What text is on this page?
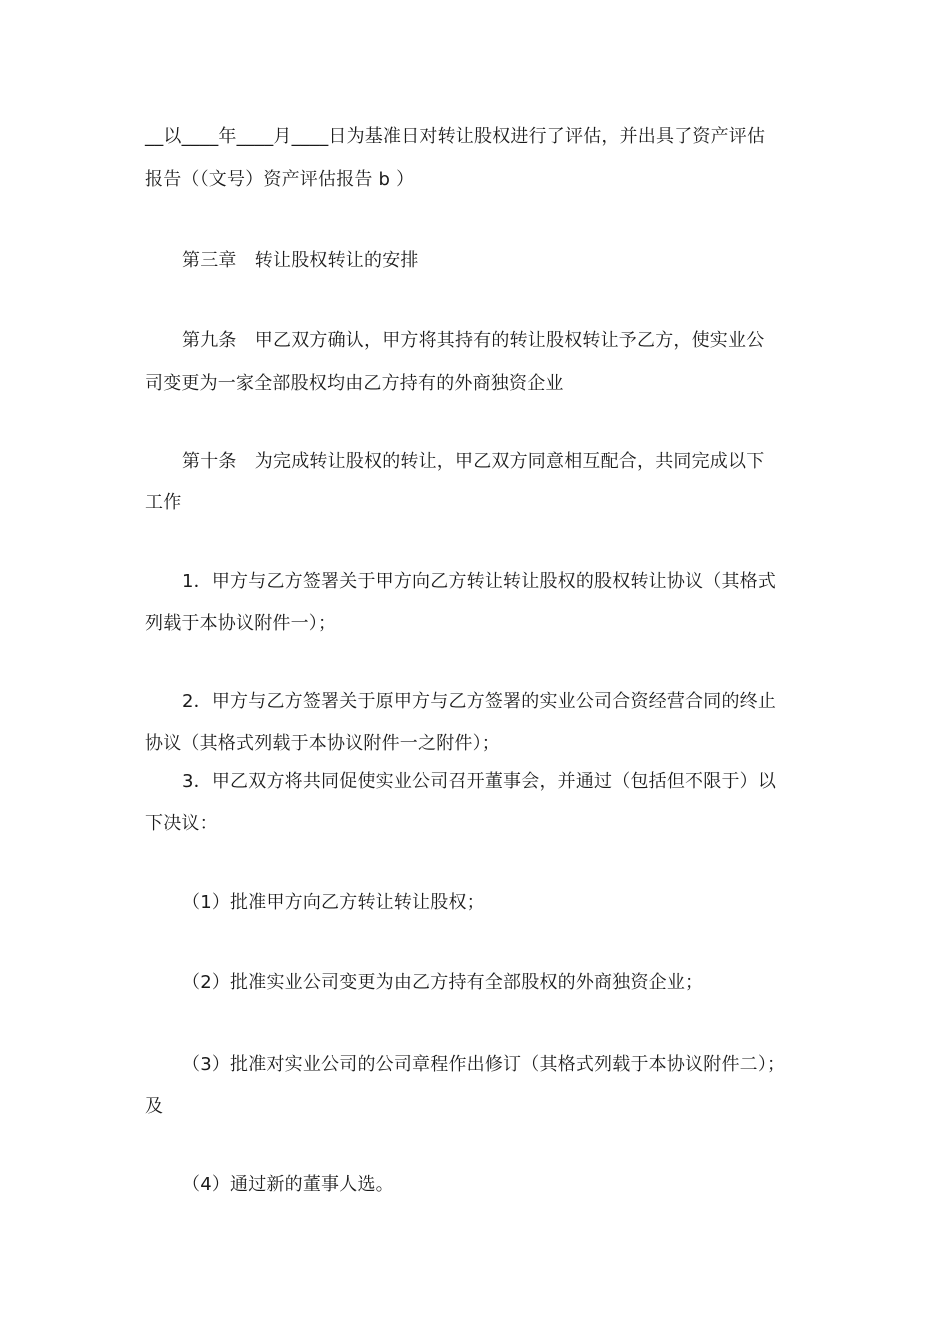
__以____年____月____日为基准日对转让股权进行了评估，并出具了资产评估
报告（（文号）资产评估报告 b ）
第三章　转让股权转让的安排
第九条　甲乙双方确认，甲方将其持有的转让股权转让予乙方，使实业公
司变更为一家全部股权均由乙方持有的外商独资企业
第十条　为完成转让股权的转让，甲乙双方同意相互配合，共同完成以下
工作
1．甲方与乙方签署关于甲方向乙方转让转让股权的股权转让协议（其格式
列载于本协议附件一）；
2．甲方与乙方签署关于原甲方与乙方签署的实业公司合资经营合同的终止
协议（其格式列载于本协议附件一之附件）；
3．甲乙双方将共同促使实业公司召开董事会，并通过（包括但不限于）以
下决议：
（1）批准甲方向乙方转让转让股权；
（2）批准实业公司变更为由乙方持有全部股权的外商独资企业；
（3）批准对实业公司的公司章程作出修订（其格式列载于本协议附件二）；
及
（4）通过新的董事人选。
